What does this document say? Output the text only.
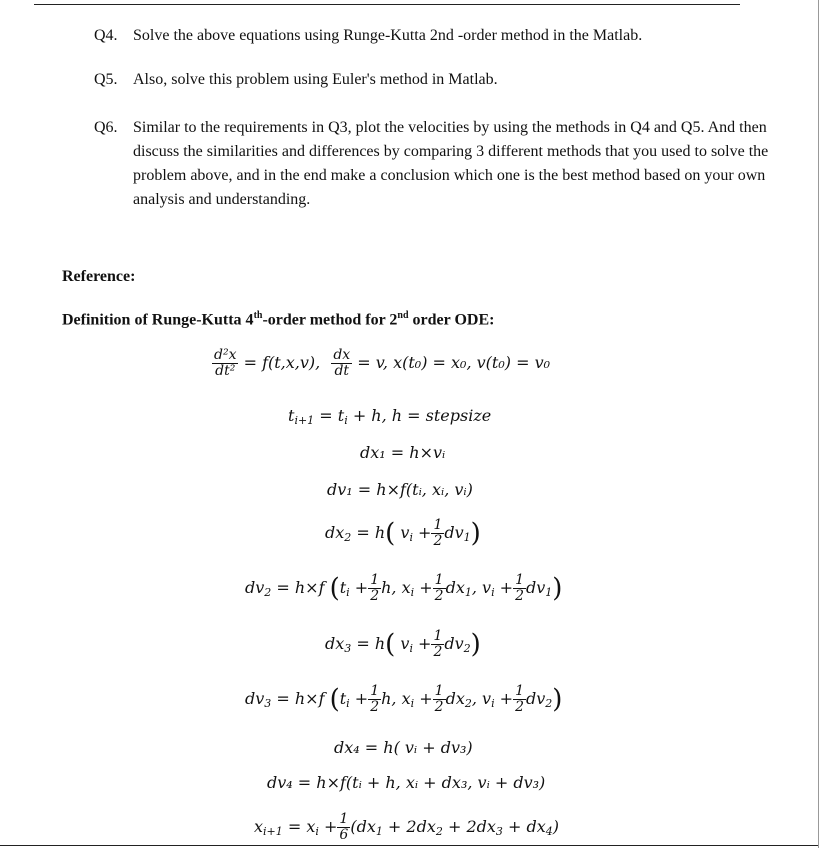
Q4. Solve the above equations using Runge-Kutta 2nd -order method in the Matlab.
Q5. Also, solve this problem using Euler's method in Matlab.
Q6. Similar to the requirements in Q3, plot the velocities by using the methods in Q4 and Q5. And then discuss the similarities and differences by comparing 3 different methods that you used to solve the problem above, and in the end make a conclusion which one is the best method based on your own analysis and understanding.
Reference:
Definition of Runge-Kutta 4th-order method for 2nd order ODE:
$\frac{\text{d²x}}{\text{dt²}} = f(t,x,v)$, $\frac{dx}{dt} = v$, x(t₀) = x₀, v(t₀) = v₀
$t_{i+1} = t_i + h$, h = stepsize
dx₁ = h×vᵢ
dv₁ = h×f(tᵢ, xᵢ, vᵢ)
$dx_2 = h$( $v_i + \frac{1}{2} dv_1$)
$dv_2 = h\times f$ ($t_i + \frac{1}{2} h$, $x_i + \frac{1}{2} dx_1$, $v_i + \frac{1}{2} dv_1$)
$dx_3 = h$( $v_i + \frac{1}{2} dv_2$)
$dv_3 = h\times f$ ($t_i + \frac{1}{2} h$, $x_i + \frac{1}{2} dx_2$, $v_i + \frac{1}{2} dv_2$)
dx₄ = h( vᵢ + dv₃)
dv₄ = h×f(tᵢ + h, xᵢ + dx₃, vᵢ + dv₃)
$x_{i+1} = x_i + \frac{1}{6} (dx_1 + 2dx_2 + 2dx_3 + dx_4)$
